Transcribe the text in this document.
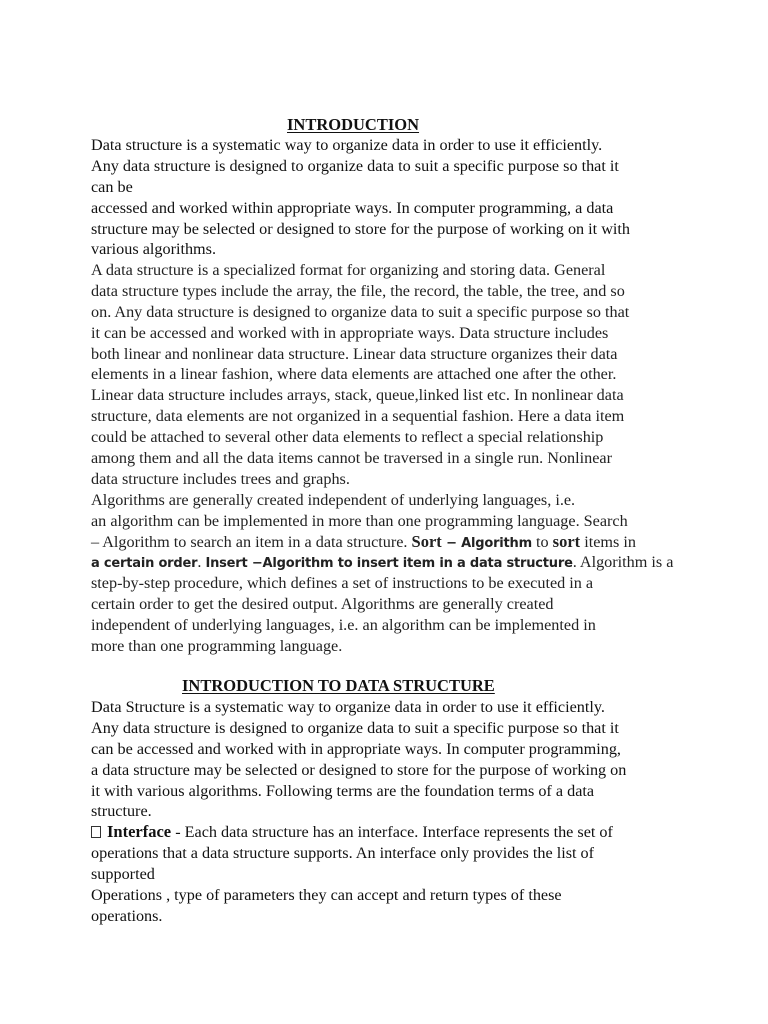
INTRODUCTION
Data structure is a systematic way to organize data in order to use it efficiently.
Any data structure is designed to organize data to suit a specific purpose so that it
can be
accessed and worked within appropriate ways. In computer programming, a data
structure may be selected or designed to store for the purpose of working on it with
various algorithms.
A data structure is a specialized format for organizing and storing data. General
data structure types include the array, the file, the record, the table, the tree, and so
on. Any data structure is designed to organize data to suit a specific purpose so that
it can be accessed and worked with in appropriate ways. Data structure includes
both linear and nonlinear data structure. Linear data structure organizes their data
elements in a linear fashion, where data elements are attached one after the other.
Linear data structure includes arrays, stack, queue,linked list etc. In nonlinear data
structure, data elements are not organized in a sequential fashion. Here a data item
could be attached to several other data elements to reflect a special relationship
among them and all the data items cannot be traversed in a single run. Nonlinear
data structure includes trees and graphs.
Algorithms are generally created independent of underlying languages, i.e.
an algorithm can be implemented in more than one programming language. Search
– Algorithm to search an item in a data structure. Sort − Algorithm to sort items in
a certain order. Insert −Algorithm to insert item in a data structure. Algorithm is a
step-by-step procedure, which defines a set of instructions to be executed in a
certain order to get the desired output. Algorithms are generally created
independent of underlying languages, i.e. an algorithm can be implemented in
more than one programming language.
INTRODUCTION TO DATA STRUCTURE
Data Structure is a systematic way to organize data in order to use it efficiently.
Any data structure is designed to organize data to suit a specific purpose so that it
can be accessed and worked with in appropriate ways. In computer programming,
a data structure may be selected or designed to store for the purpose of working on
it with various algorithms. Following terms are the foundation terms of a data
structure.
Interface - Each data structure has an interface. Interface represents the set of
operations that a data structure supports. An interface only provides the list of
supported
Operations , type of parameters they can accept and return types of these
operations.
